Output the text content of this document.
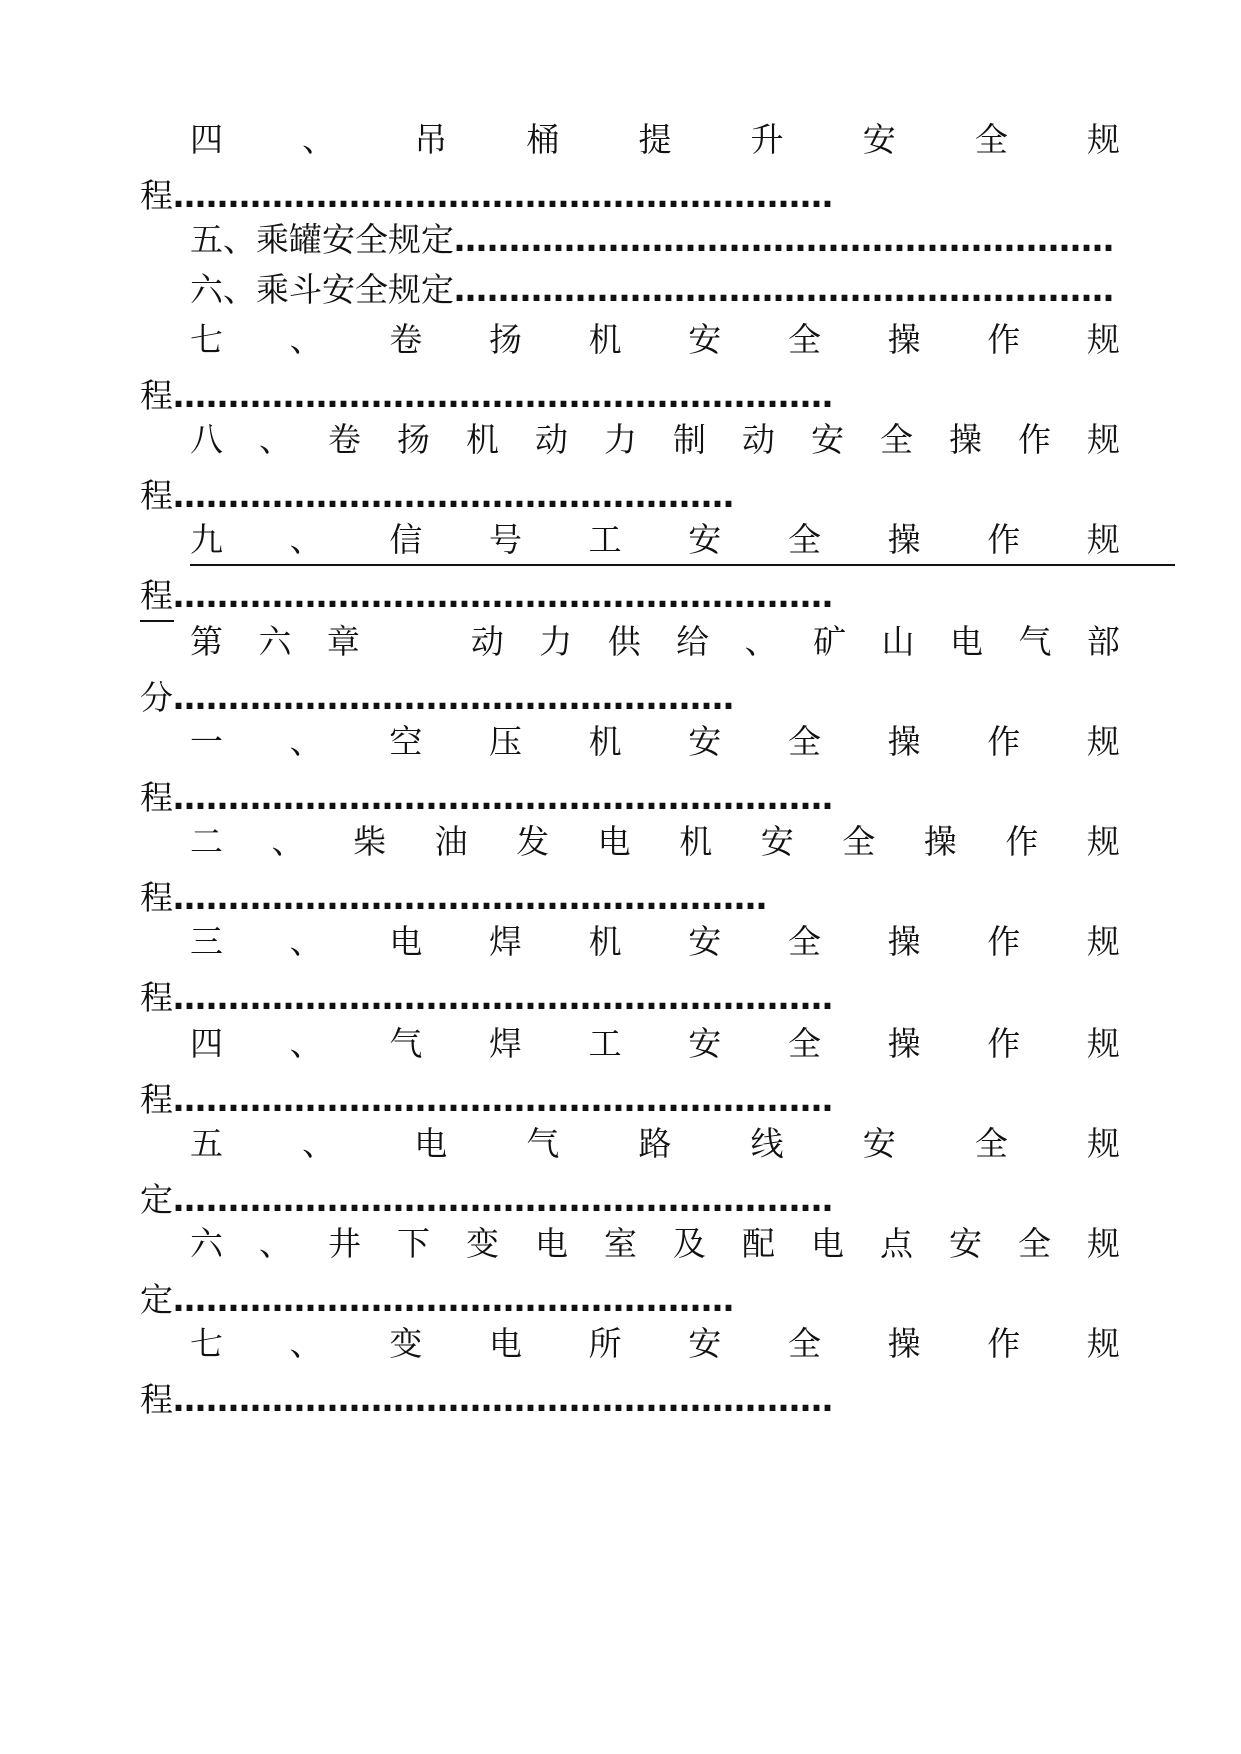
四 、 吊 桶 提 升 安 全 规
程……………………………………………………
五、乘罐安全规定 ……………………………………………………
六、乘斗安全规定 ……………………………………………………
七 、 卷 扬 机 安 全 操 作 规
程……………………………………………………
八 、 卷 扬 机 动 力 制 动 安 全 操 作 规
程……………………………………………
九 、 信 号 工 安 全 操 作 规
程……………………………………………………
第 六 章	动 力 供 给 、 矿 山 电 气 部
分……………………………………………
一 、 空 压 机 安 全 操 作 规
程……………………………………………………
二 、 柴 油 发 电 机 安 全 操 作 规
程………………………………………………
三 、 电 焊 机 安 全 操 作 规
程……………………………………………………
四 、 气 焊 工 安 全 操 作 规
程……………………………………………………
五 、 电 气 路 线 安 全 规
定……………………………………………………
六 、 井 下 变 电 室 及 配 电 点 安 全 规
定……………………………………………
七 、 变 电 所 安 全 操 作 规
程……………………………………………………
